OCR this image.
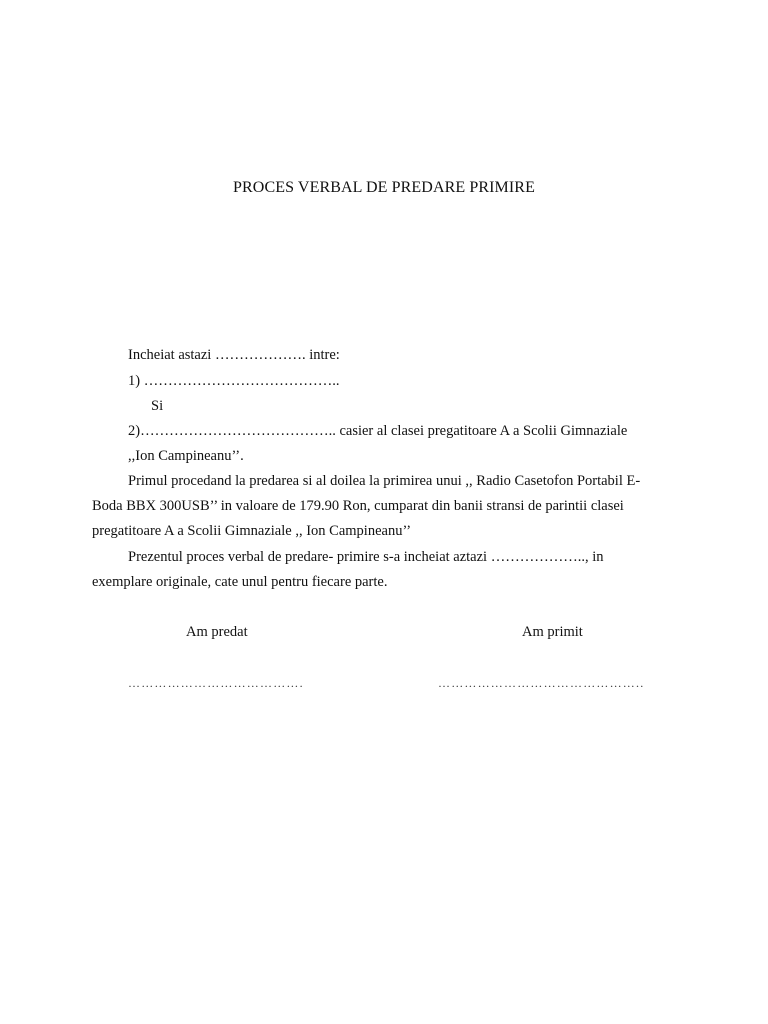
PROCES VERBAL DE PREDARE PRIMIRE
Incheiat astazi ………………. intre:
1) …………………………………..
Si
2)………………………………….. casier al clasei pregatitoare A a Scolii Gimnaziale
,,Ion Campineanu’’.
Primul procedand la predarea si al doilea la primirea unui ,, Radio Casetofon Portabil E-
Boda BBX 300USB’’ in valoare de 179.90 Ron, cumparat din banii stransi de parintii clasei
pregatitoare A a Scolii Gimnaziale ,, Ion Campineanu’’
Prezentul proces verbal de predare- primire s-a incheiat aztazi ……………….., in
exemplare originale, cate unul pentru fiecare parte.
Am predat	Am primit
………………………………….	………………………………………..
